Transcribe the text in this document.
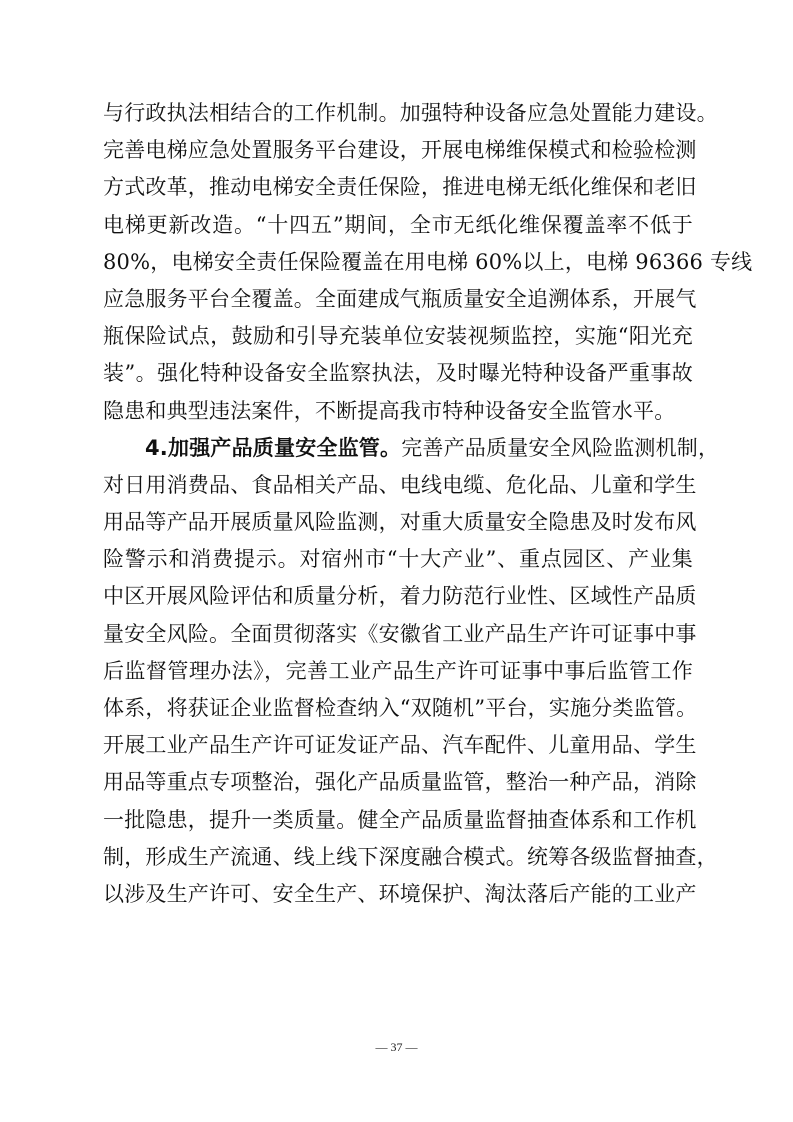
与行政执法相结合的工作机制。加强特种设备应急处置能力建设。
完善电梯应急处置服务平台建设，开展电梯维保模式和检验检测
方式改革，推动电梯安全责任保险，推进电梯无纸化维保和老旧
电梯更新改造。“十四五”期间，全市无纸化维保覆盖率不低于
80%，电梯安全责任保险覆盖在用电梯 60%以上，电梯 96366 专线
应急服务平台全覆盖。全面建成气瓶质量安全追溯体系，开展气
瓶保险试点，鼓励和引导充装单位安装视频监控，实施“阳光充
装”。强化特种设备安全监察执法，及时曝光特种设备严重事故
隐患和典型违法案件，不断提高我市特种设备安全监管水平。
4.加强产品质量安全监管。完善产品质量安全风险监测机制，
对日用消费品、食品相关产品、电线电缆、危化品、儿童和学生
用品等产品开展质量风险监测，对重大质量安全隐患及时发布风
险警示和消费提示。对宿州市“十大产业”、重点园区、产业集
中区开展风险评估和质量分析，着力防范行业性、区域性产品质
量安全风险。全面贯彻落实《安徽省工业产品生产许可证事中事
后监督管理办法》，完善工业产品生产许可证事中事后监管工作
体系，将获证企业监督检查纳入“双随机”平台，实施分类监管。
开展工业产品生产许可证发证产品、汽车配件、儿童用品、学生
用品等重点专项整治，强化产品质量监管，整治一种产品，消除
一批隐患，提升一类质量。健全产品质量监督抽查体系和工作机
制，形成生产流通、线上线下深度融合模式。统筹各级监督抽查，
以涉及生产许可、安全生产、环境保护、淘汰落后产能的工业产
— 37 —
